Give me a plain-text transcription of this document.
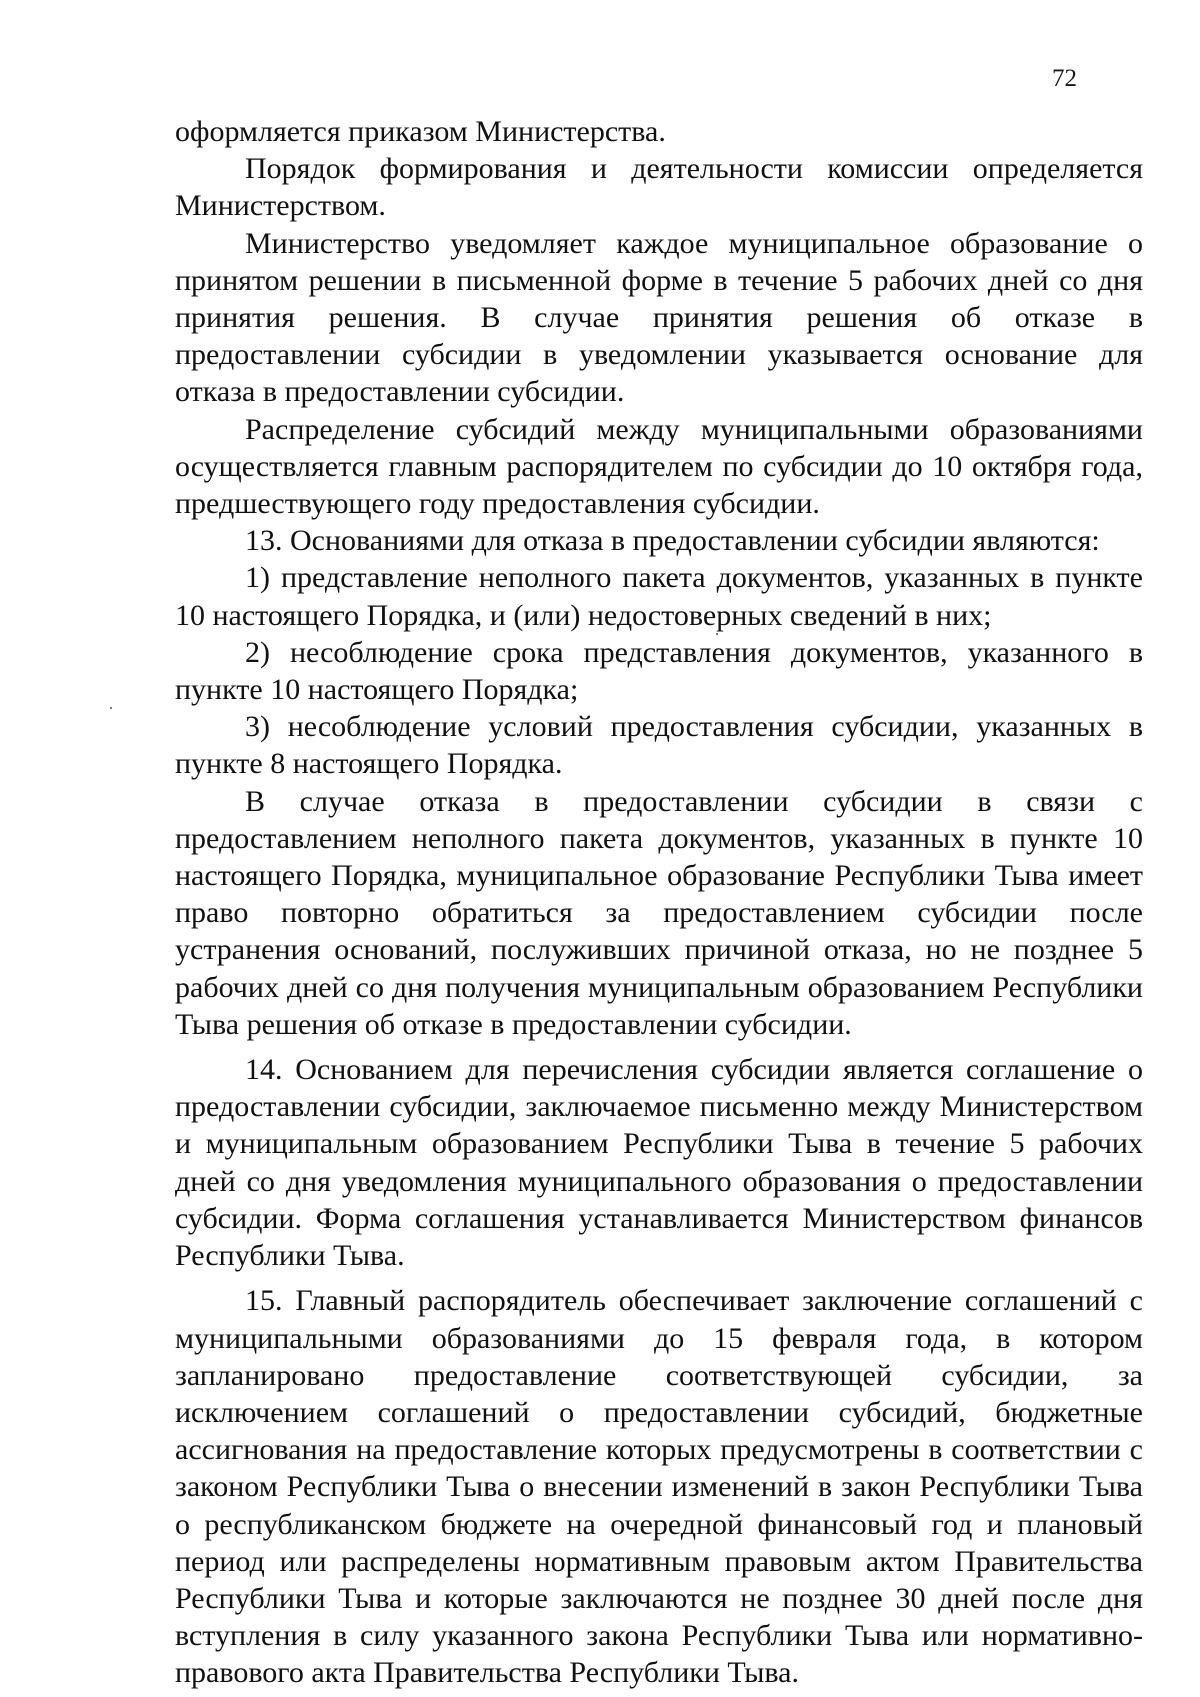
72

оформляется приказом Министерства.

Порядок формирования и деятельности комиссии определяется Министерством.

Министерство уведомляет каждое муниципальное образование о принятом решении в письменной форме в течение 5 рабочих дней со дня принятия решения. В случае принятия решения об отказе в предоставлении субсидии в уведомлении указывается основание для отказа в предоставлении субсидии.

Распределение субсидий между муниципальными образованиями осуществляется главным распорядителем по субсидии до 10 октября года, предшествующего году предоставления субсидии.

13. Основаниями для отказа в предоставлении субсидии являются:

1) представление неполного пакета документов, указанных в пункте 10 настоящего Порядка, и (или) недостоверных сведений в них;

2) несоблюдение срока представления документов, указанного в пункте 10 настоящего Порядка;

3) несоблюдение условий предоставления субсидии, указанных в пункте 8 настоящего Порядка.

В случае отказа в предоставлении субсидии в связи с предоставлением неполного пакета документов, указанных в пункте 10 настоящего Порядка, муниципальное образование Республики Тыва имеет право повторно обратиться за предоставлением субсидии после устранения оснований, послуживших причиной отказа, но не позднее 5 рабочих дней со дня получения муниципальным образованием Республики Тыва решения об отказе в предоставлении субсидии.

14. Основанием для перечисления субсидии является соглашение о предоставлении субсидии, заключаемое письменно между Министерством и муниципальным образованием Республики Тыва в течение 5 рабочих дней со дня уведомления муниципального образования о предоставлении субсидии. Форма соглашения устанавливается Министерством финансов Республики Тыва.

15. Главный распорядитель обеспечивает заключение соглашений с муниципальными образованиями до 15 февраля года, в котором запланировано предоставление соответствующей субсидии, за исключением соглашений о предоставлении субсидий, бюджетные ассигнования на предоставление которых предусмотрены в соответствии с законом Республики Тыва о внесении изменений в закон Республики Тыва о республиканском бюджете на очередной финансовый год и плановый период или распределены нормативным правовым актом Правительства Республики Тыва и которые заключаются не позднее 30 дней после дня вступления в силу указанного закона Республики Тыва или нормативно-правового акта Правительства Республики Тыва.
